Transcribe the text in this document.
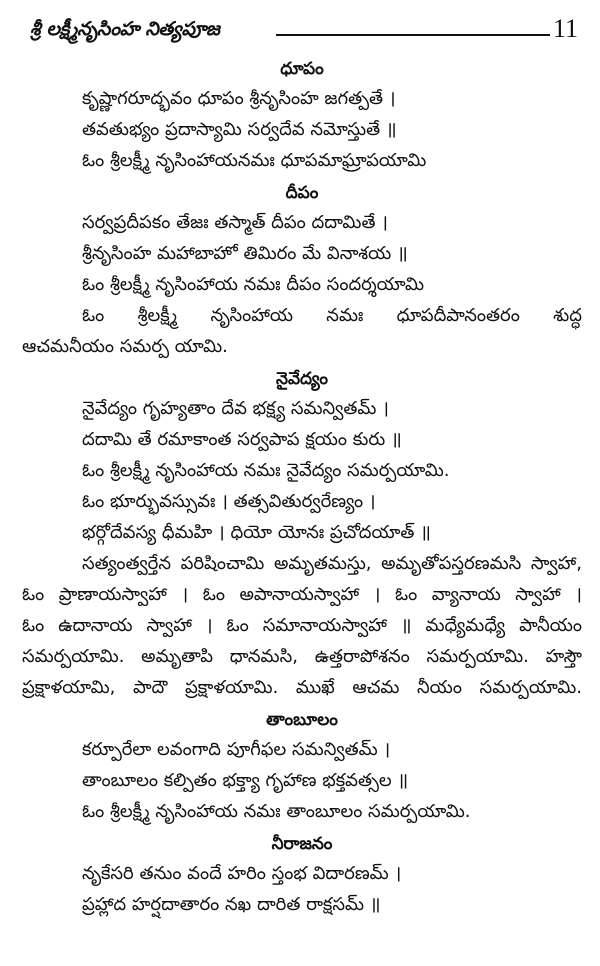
శ్రీ లక్ష్మీనృసింహ నిత్యపూజ	11
ధూపం
కృష్ణాగరూద్భవం ధూపం శ్రీనృసింహ జగత్పతే ।
తవతుభ్యం ప్రదాస్యామి సర్వదేవ నమోస్తుతే ॥
ఓం శ్రీలక్ష్మీ నృసింహాయనమః ధూపమాఘ్రాపయామి
దీపం
సర్వప్రదీపకం తేజః తస్మాత్ దీపం దదామితే ।
శ్రీనృసింహ మహాబాహో తిమిరం మే వినాశయ ॥
ఓం శ్రీలక్ష్మీ నృసింహాయ నమః దీపం సందర్శయామి
ఓం శ్రీలక్ష్మీ నృసింహాయ నమః ధూపదీపానంతరం శుద్ధ
ఆచమనీయం సమర్ప యామి.
నైవేద్యం
నైవేద్యం గృహ్యతాం దేవ భక్ష్య సమన్వితమ్ ।
దదామి తే రమాకాంత సర్వపాప క్షయం కురు ॥
ఓం శ్రీలక్ష్మీ నృసింహాయ నమః నైవేద్యం సమర్పయామి.
ఓం భూర్భువస్సువః । తత్సవితుర్వరేణ్యం ।
భర్గోదేవస్య ధీమహి । ధియో యోనః ప్రచోదయాత్ ॥
సత్యంత్వర్తేన పరిషించామి అమృతమస్తు, అమృతోపస్తరణమసి స్వాహా,
ఓం ప్రాణాయస్వాహా । ఓం అపానాయస్వాహా । ఓం వ్యానాయ స్వాహా ।
ఓం ఉదానాయ స్వాహా । ఓం సమానాయస్వాహా ॥ మధ్యేమధ్యే పానీయం
సమర్పయామి. అమృతాపి ధానమసి, ఉత్తరాపోశనం సమర్పయామి. హస్తౌ
ప్రక్షాళయామి, పాదౌ ప్రక్షాళయామి. ముఖే ఆచమ నీయం సమర్పయామి.
తాంబూలం
కర్పూరేలా లవంగాది పూగీఫల సమన్వితమ్ ।
తాంబూలం కల్పితం భక్త్యా గృహాణ భక్తవత్సల ॥
ఓం శ్రీలక్ష్మీ నృసింహాయ నమః తాంబూలం సమర్పయామి.
నీరాజనం
నృకేసరి తనుం వందే హరిం స్తంభ విదారణమ్ ।
ప్రహ్లాద హర్షదాతారం నఖ దారిత రాక్షసమ్ ॥
